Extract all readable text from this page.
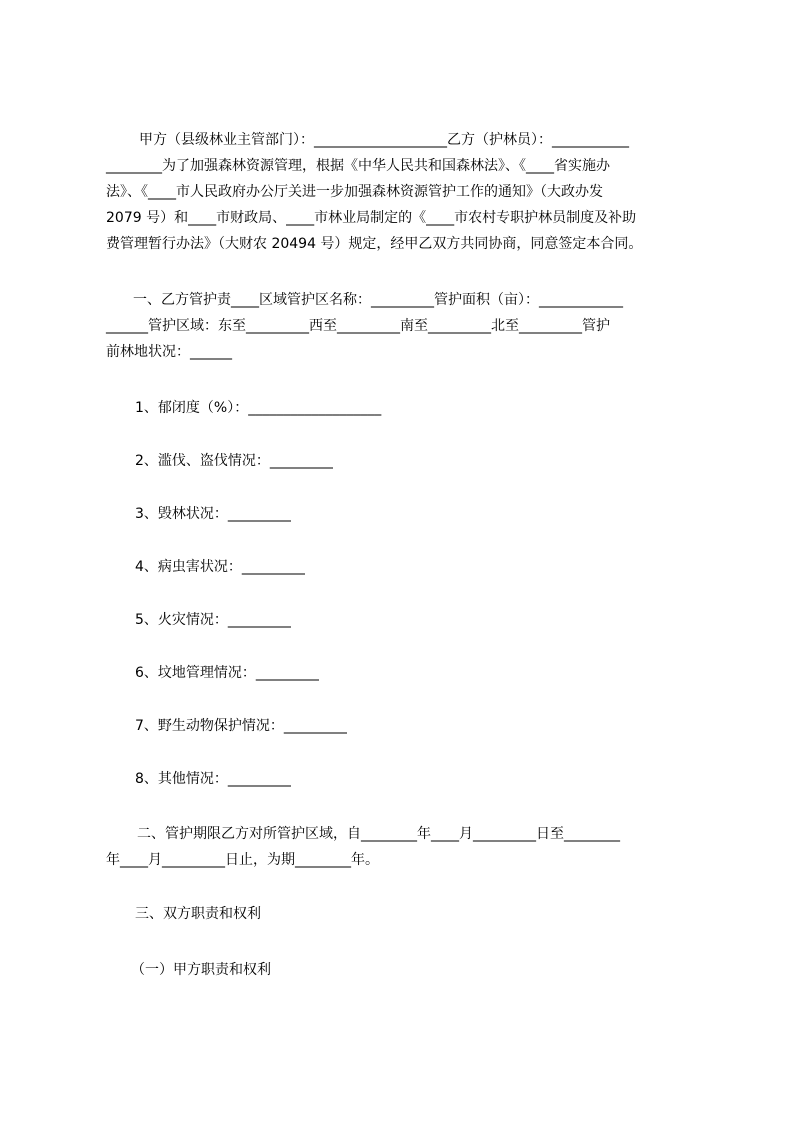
甲方（县级林业主管部门）：___________________乙方（护林员）：___________
________为了加强森林资源管理，根据《中华人民共和国森林法》、《____省实施办
法》、《____市人民政府办公厅关进一步加强森林资源管护工作的通知》（大政办发
2079 号）和____市财政局、____市林业局制定的《____市农村专职护林员制度及补助
费管理暂行办法》（大财农 20494 号）规定，经甲乙双方共同协商，同意签定本合同。
一、乙方管护责____区域管护区名称：_________管护面积（亩）：____________
______管护区域：东至_________西至_________南至_________北至_________管护
前林地状况：______
1、郁闭度（%）：___________________
2、滥伐、盗伐情况：_________
3、毁林状况：_________
4、病虫害状况：_________
5、火灾情况：_________
6、坟地管理情况：_________
7、野生动物保护情况：_________
8、其他情况：_________
二、管护期限乙方对所管护区域，自________年____月_________日至________
年____月_________日止，为期________年。
三、双方职责和权利
（一）甲方职责和权利
